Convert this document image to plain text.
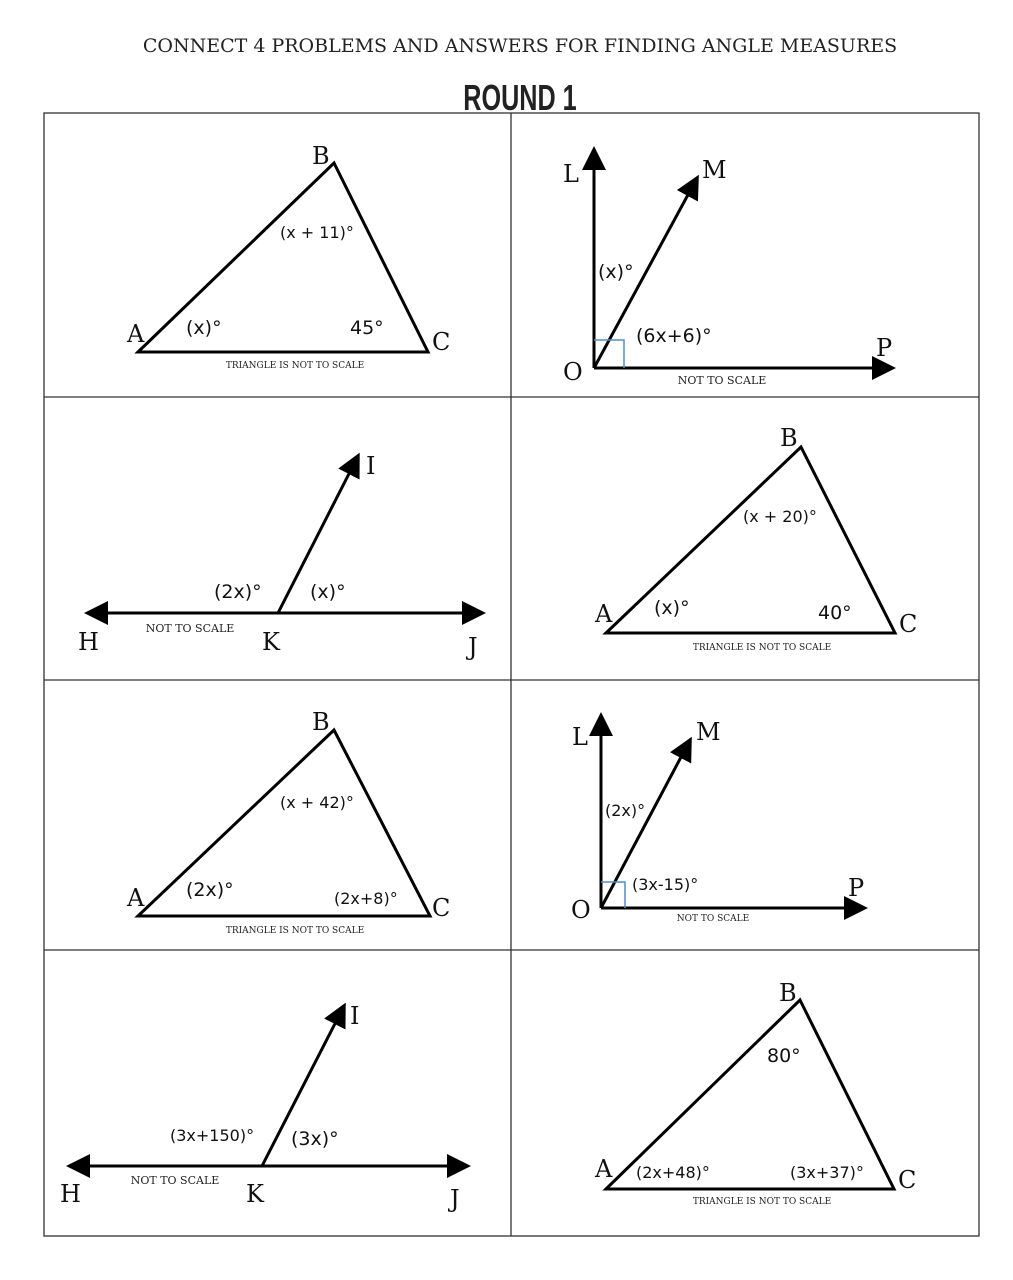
CONNECT 4 PROBLEMS AND ANSWERS FOR FINDING ANGLE MEASURES
ROUND 1
B
A	C
(x + 11)°
(x)°	45°
TRIANGLE IS NOT TO SCALE
L	M
O
P
(x)°
(6x+6)°
NOT TO SCALE
H	K	J
I
(2x)°	(x)°
NOT TO SCALE
B
A	C
(x + 20)°
(x)°	40°
TRIANGLE IS NOT TO SCALE
B
A	C
(x + 42)°
(2x)°	(2x+8)°
TRIANGLE IS NOT TO SCALE
L	M
O
P
(2x)°
(3x-15)°
NOT TO SCALE
H	K	J
I
(3x+150)° (3x)°
NOT TO SCALE
B
A	C
80°
(2x+48)°	(3x+37)°
TRIANGLE IS NOT TO SCALE
